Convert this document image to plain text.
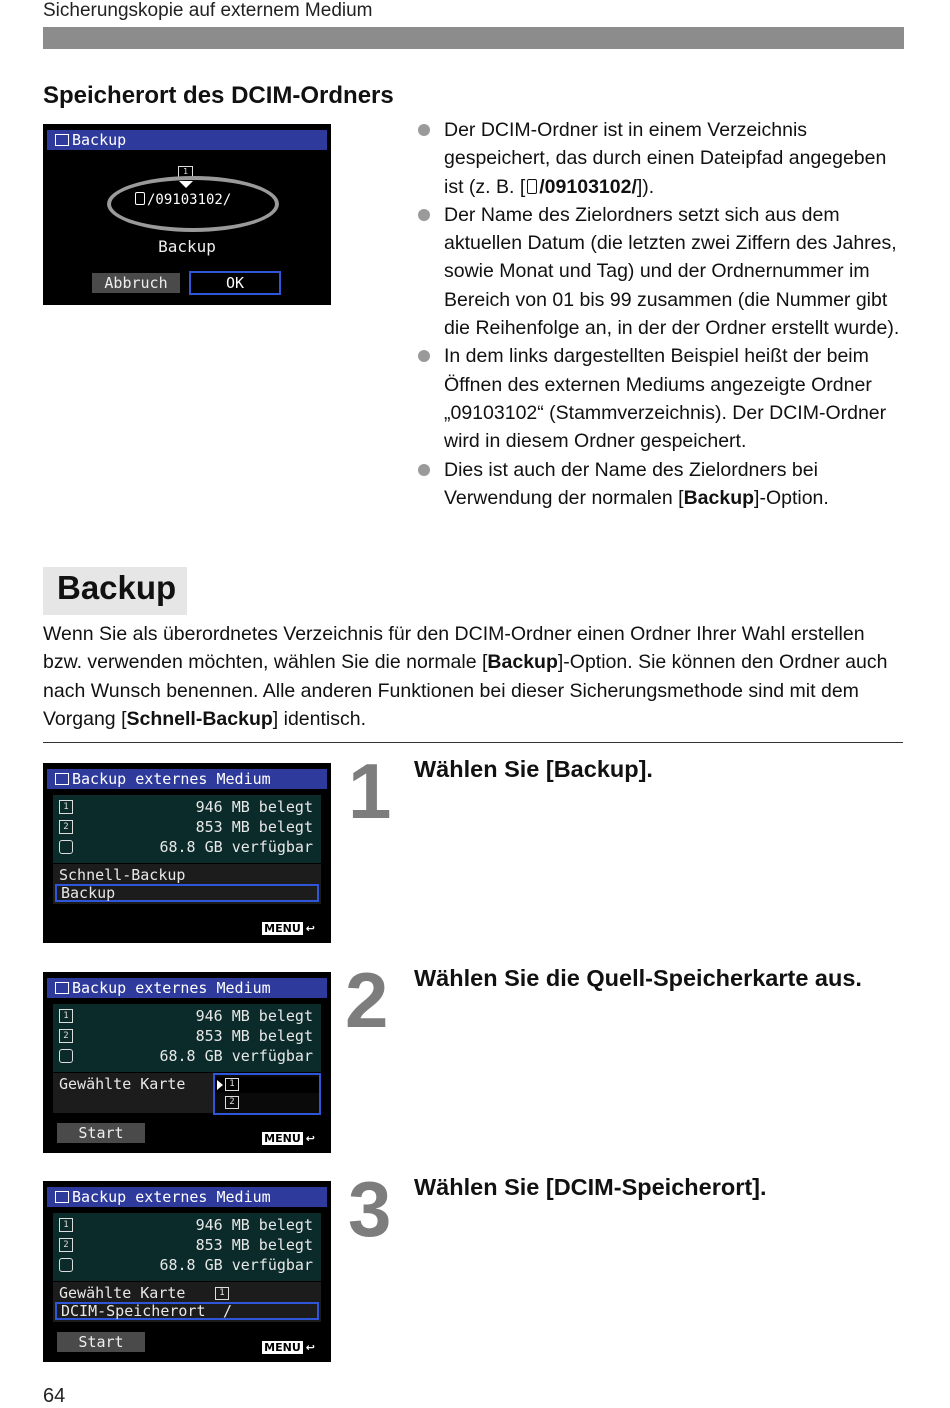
Sicherungskopie auf externem Medium
Speicherort des DCIM-Ordners
Backup
1
/09103102/
Backup
Abbruch	OK
Der DCIM-Ordner ist in einem Verzeichnis gespeichert, das durch einen Dateipfad angegeben ist (z. B. [ /09103102/]).
Der Name des Zielordners setzt sich aus dem aktuellen Datum (die letzten zwei Ziffern des Jahres, sowie Monat und Tag) und der Ordnernummer im Bereich von 01 bis 99 zusammen (die Nummer gibt die Reihenfolge an, in der der Ordner erstellt wurde).
In dem links dargestellten Beispiel heißt der beim Öffnen des externen Mediums angezeigte Ordner „09103102“ (Stammverzeichnis). Der DCIM-Ordner wird in diesem Ordner gespeichert.
Dies ist auch der Name des Zielordners bei Verwendung der normalen [Backup]-Option.
Backup
Wenn Sie als überordnetes Verzeichnis für den DCIM-Ordner einen Ordner Ihrer Wahl erstellen bzw. verwenden möchten, wählen Sie die normale [Backup]-Option. Sie können den Ordner auch nach Wunsch benennen. Alle anderen Funktionen bei dieser Sicherungsmethode sind mit dem Vorgang [Schnell-Backup] identisch.
Backup externes Medium
1	946 MB belegt
2	853 MB belegt
68.8 GB verfügbar
Schnell-Backup
Backup
MENU ↩
1 Wählen Sie [Backup].
Backup externes Medium
1	946 MB belegt
2	853 MB belegt
68.8 GB verfügbar
Gewählte Karte	1
2
Start	MENU ↩
2 Wählen Sie die Quell-Speicherkarte aus.
Backup externes Medium
1	946 MB belegt
2	853 MB belegt
68.8 GB verfügbar
Gewählte Karte	1
DCIM-Speicherort /
Start	MENU ↩
3 Wählen Sie [DCIM-Speicherort].
64
